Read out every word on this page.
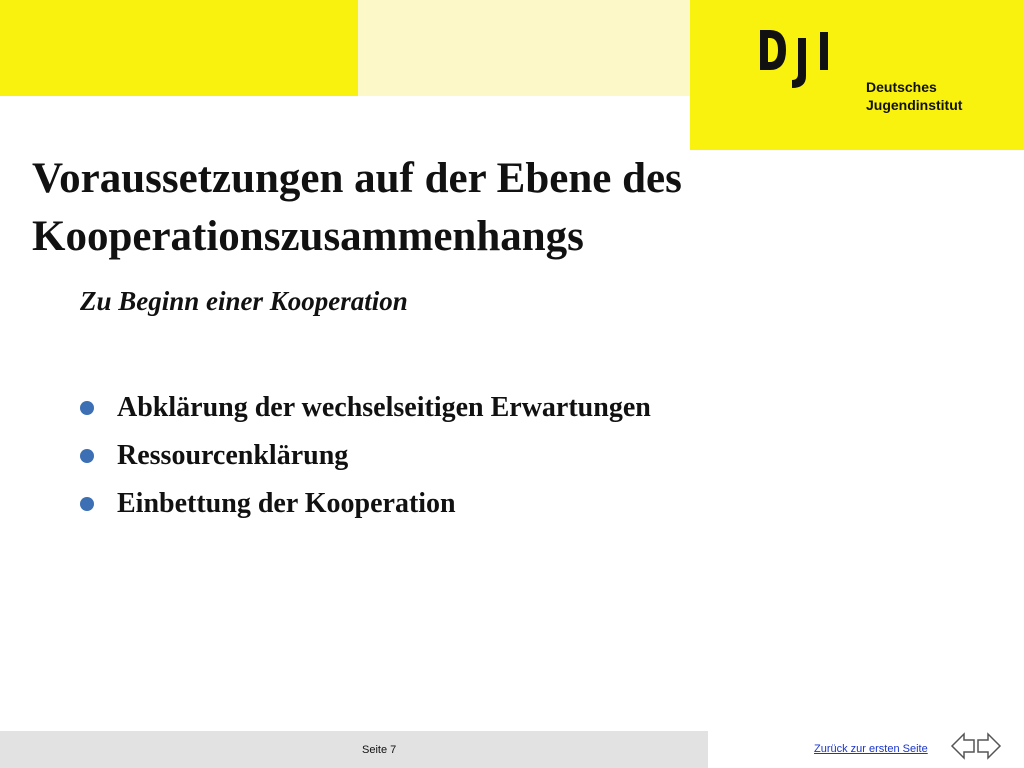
Deutsches
Jugendinstitut
Voraussetzungen auf der Ebene des Kooperationszusammenhangs
Zu Beginn einer Kooperation
Abklärung der wechselseitigen Erwartungen
Ressourcenklärung
Einbettung der Kooperation
Seite 7	Zurück zur ersten Seite
